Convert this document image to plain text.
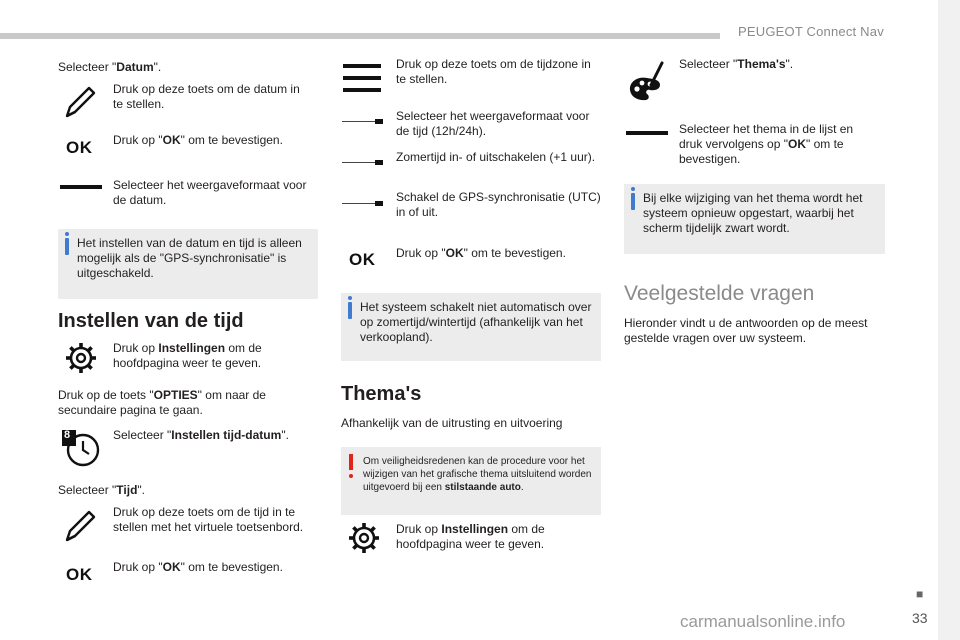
PEUGEOT Connect Nav
■
33
carmanualsonline.info
Selecteer "Datum".
Druk op deze toets om de datum in te stellen.
OK Druk op "OK" om te bevestigen.
Selecteer het weergaveformaat voor de datum.
Het instellen van de datum en tijd is alleen mogelijk als de "GPS-synchronisatie" is uitgeschakeld.
Instellen van de tijd
Druk op Instellingen om de hoofdpagina weer te geven.
Druk op de toets "OPTIES" om naar de secundaire pagina te gaan.
8	Selecteer "Instellen tijd-datum".
Selecteer "Tijd".
Druk op deze toets om de tijd in te stellen met het virtuele toetsenbord.
OK Druk op "OK" om te bevestigen.
Druk op deze toets om de tijdzone in te stellen.
Selecteer het weergaveformaat voor de tijd (12h/24h).
Zomertijd in- of uitschakelen (+1 uur).
Schakel de GPS-synchronisatie (UTC) in of uit.
OK Druk op "OK" om te bevestigen.
Het systeem schakelt niet automatisch over op zomertijd/wintertijd (afhankelijk van het verkoopland).
Thema's
Afhankelijk van de uitrusting en uitvoering
Om veiligheidsredenen kan de procedure voor het wijzigen van het grafische thema uitsluitend worden uitgevoerd bij een stilstaande auto.
Druk op Instellingen om de hoofdpagina weer te geven.
Selecteer "Thema's".
Selecteer het thema in de lijst en druk vervolgens op "OK" om te bevestigen.
Bij elke wijziging van het thema wordt het systeem opnieuw opgestart, waarbij het scherm tijdelijk zwart wordt.
Veelgestelde vragen
Hieronder vindt u de antwoorden op de meest gestelde vragen over uw systeem.
